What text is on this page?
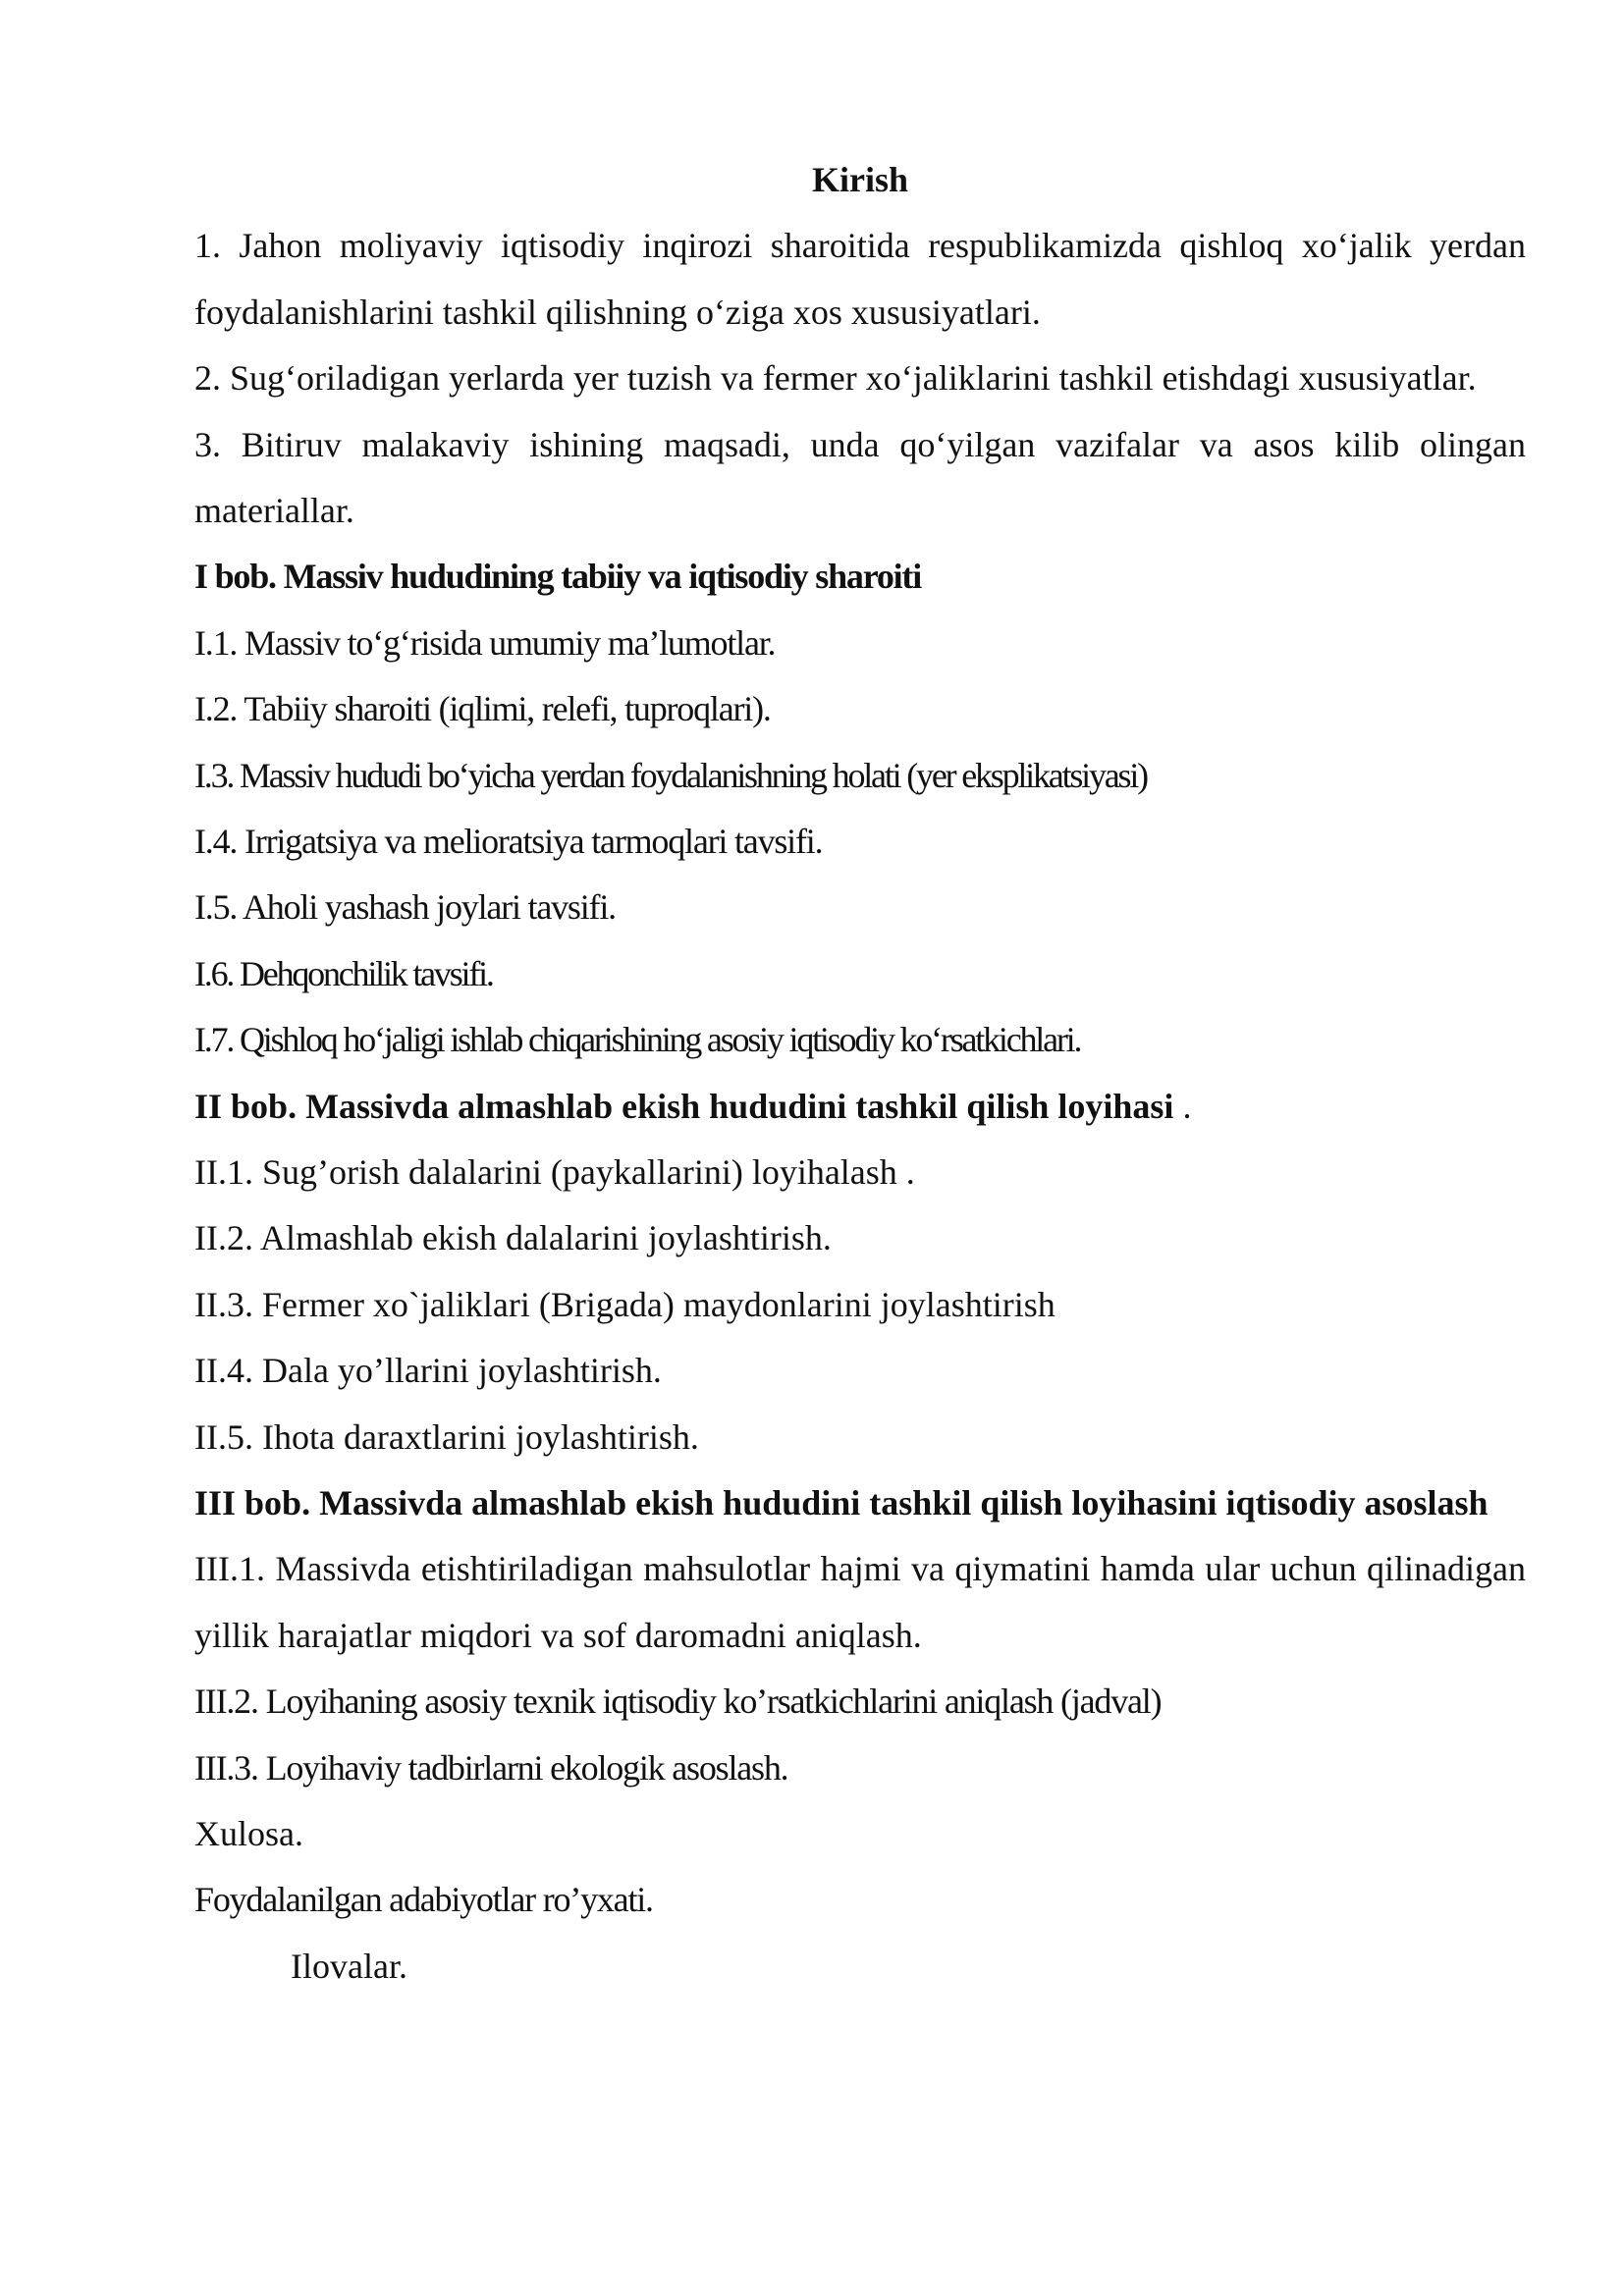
Kirish

1. Jahon moliyaviy iqtisodiy inqirozi sharoitida respublikamizda qishloq xo‘jalik yerdan foydalanishlarini tashkil qilishning o‘ziga xos xususiyatlari.

2. Sug‘oriladigan yerlarda yer tuzish va fermer xo‘jaliklarini tashkil etishdagi xususiyatlar.

3. Bitiruv malakaviy ishining maqsadi, unda qo‘yilgan vazifalar va asos kilib olingan materiallar.

I bob. Massiv hududining tabiiy va iqtisodiy sharoiti

I.1. Massiv to‘g‘risida umumiy ma’lumotlar.

I.2. Tabiiy sharoiti (iqlimi, relefi, tuproqlari).

I.3. Massiv hududi bo‘yicha yerdan foydalanishning holati (yer eksplikatsiyasi)

I.4. Irrigatsiya va melioratsiya tarmoqlari tavsifi.

I.5. Aholi yashash joylari tavsifi.

I.6. Dehqonchilik tavsifi.

I.7. Qishloq ho‘jaligi ishlab chiqarishining asosiy iqtisodiy ko‘rsatkichlari.

II bob. Massivda almashlab ekish hududini tashkil qilish loyihasi .

II.1. Sug’orish dalalarini (paykallarini) loyihalash .

II.2. Almashlab ekish dalalarini joylashtirish.

II.3. Fermer xo`jaliklari (Brigada) maydonlarini joylashtirish

II.4. Dala yo’llarini joylashtirish.

II.5. Ihota daraxtlarini joylashtirish.

III bob. Massivda almashlab ekish hududini tashkil qilish loyihasini iqtisodiy asoslash

III.1. Massivda etishtiriladigan mahsulotlar hajmi va qiymatini hamda ular uchun qilinadigan yillik harajatlar miqdori va sof daromadni aniqlash.

III.2. Loyihaning asosiy texnik iqtisodiy ko’rsatkichlarini aniqlash (jadval)

III.3. Loyihaviy tadbirlarni ekologik asoslash.

Xulosa.

Foydalanilgan adabiyotlar ro’yxati.

Ilovalar.
